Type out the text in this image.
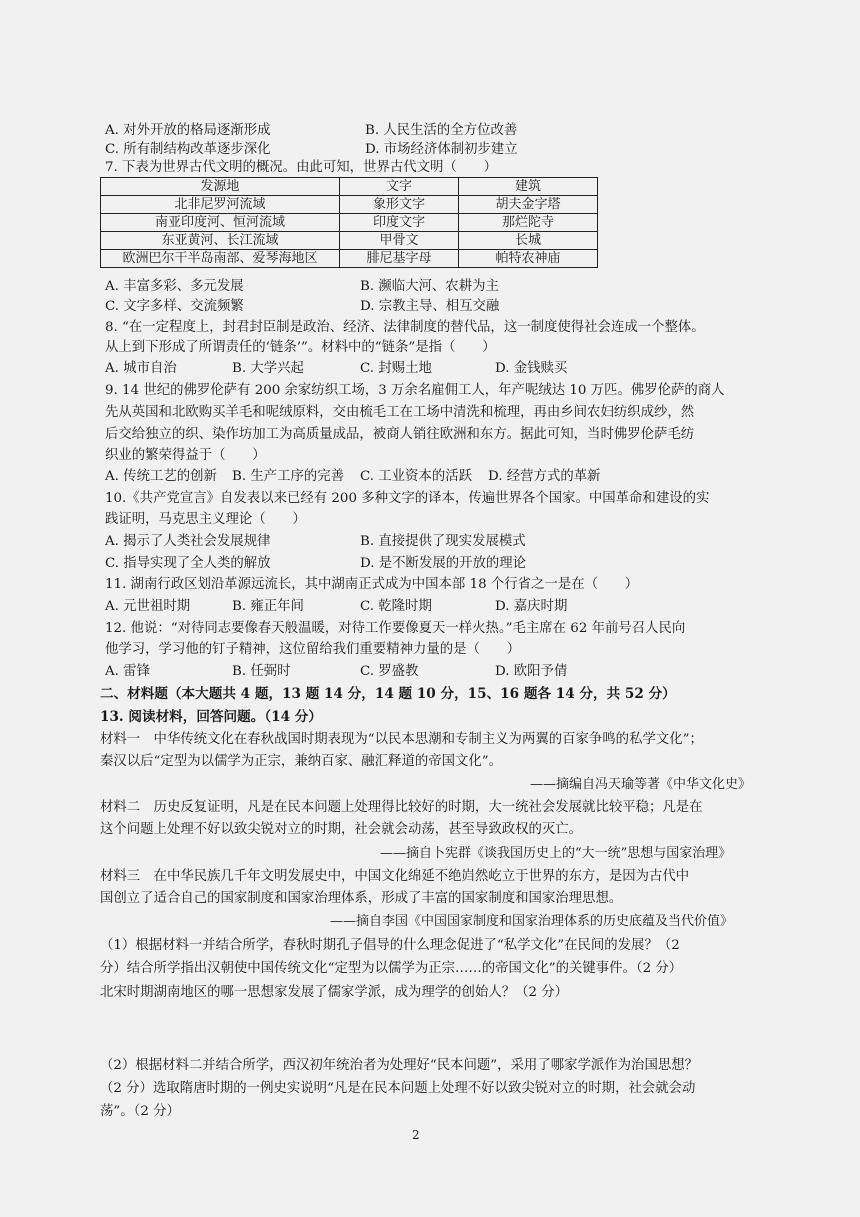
A. 对外开放的格局逐渐形成	B. 人民生活的全方位改善
C. 所有制结构改革逐步深化	D. 市场经济体制初步建立
7. 下表为世界古代文明的概况。由此可知，世界古代文明（　　）
发源地	文字	建筑
北非尼罗河流域	象形文字	胡夫金字塔
南亚印度河、恒河流域	印度文字	那烂陀寺
东亚黄河、长江流域	甲骨文	长城
欧洲巴尔干半岛南部、爱琴海地区	腓尼基字母	帕特农神庙
A. 丰富多彩、多元发展	B. 濒临大河、农耕为主
C. 文字多样、交流频繁	D. 宗教主导、相互交融
8. “在一定程度上，封君封臣制是政治、经济、法律制度的替代品，这一制度使得社会连成一个整体。
从上到下形成了所谓责任的‘链条’”。材料中的“链条”是指（　　）
A. 城市自治	B. 大学兴起	C. 封赐土地	D. 金钱赎买
9. 14 世纪的佛罗伦萨有 200 余家纺织工场，3 万余名雇佣工人，年产呢绒达 10 万匹。佛罗伦萨的商人
先从英国和北欧购买羊毛和呢绒原料，交由梳毛工在工场中清洗和梳理，再由乡间农妇纺织成纱，然
后交给独立的织、染作坊加工为高质量成品，被商人销往欧洲和东方。据此可知，当时佛罗伦萨毛纺
织业的繁荣得益于（　　）
A. 传统工艺的创新 B. 生产工序的完善 C. 工业资本的活跃 D. 经营方式的革新
10.《共产党宣言》自发表以来已经有 200 多种文字的译本，传遍世界各个国家。中国革命和建设的实
践证明，马克思主义理论（　　）
A. 揭示了人类社会发展规律	B. 直接提供了现实发展模式
C. 指导实现了全人类的解放	D. 是不断发展的开放的理论
11. 湖南行政区划沿革源远流长，其中湖南正式成为中国本部 18 个行省之一是在（　　）
A. 元世祖时期	B. 雍正年间	C. 乾隆时期	D. 嘉庆时期
12. 他说：“对待同志要像春天般温暖，对待工作要像夏天一样火热。”毛主席在 62 年前号召人民向
他学习，学习他的钉子精神，这位留给我们重要精神力量的是（　　）
A. 雷锋	B. 任弼时	C. 罗盛教	D. 欧阳予倩
二、材料题（本大题共 4 题，13 题 14 分，14 题 10 分，15、16 题各 14 分，共 52 分）
13. 阅读材料，回答问题。（14 分）
材料一　中华传统文化在春秋战国时期表现为“以民本思潮和专制主义为两翼的百家争鸣的私学文化”；
秦汉以后“定型为以儒学为正宗，兼纳百家、融汇释道的帝国文化”。
——摘编自冯天瑜等著《中华文化史》
材料二　历史反复证明，凡是在民本问题上处理得比较好的时期，大一统社会发展就比较平稳；凡是在
这个问题上处理不好以致尖锐对立的时期，社会就会动荡，甚至导致政权的灭亡。
——摘自卜宪群《谈我国历史上的“大一统”思想与国家治理》
材料三　在中华民族几千年文明发展史中，中国文化绵延不绝岿然屹立于世界的东方，是因为古代中
国创立了适合自己的国家制度和国家治理体系，形成了丰富的国家制度和国家治理思想。
——摘自李国《中国国家制度和国家治理体系的历史底蕴及当代价值》
（1）根据材料一并结合所学，春秋时期孔子倡导的什么理念促进了“私学文化”在民间的发展？（2
分）结合所学指出汉朝使中国传统文化“定型为以儒学为正宗……的帝国文化”的关键事件。（2 分）
北宋时期湖南地区的哪一思想家发展了儒家学派，成为理学的创始人？（2 分）
（2）根据材料二并结合所学，西汉初年统治者为处理好“民本问题”，采用了哪家学派作为治国思想？
（2 分）选取隋唐时期的一例史实说明“凡是在民本问题上处理不好以致尖锐对立的时期，社会就会动
荡”。（2 分）
2
